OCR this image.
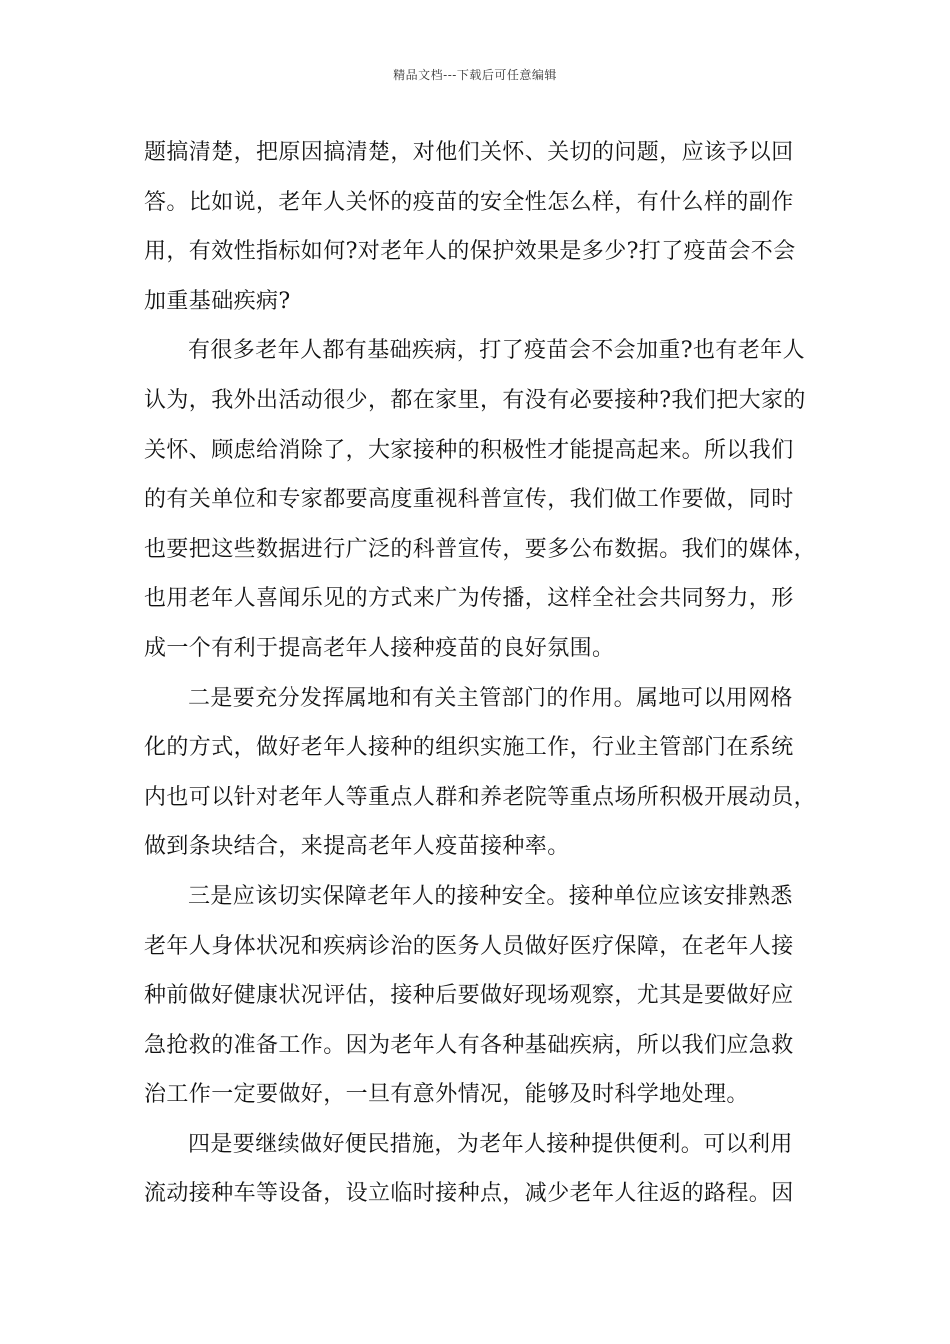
精品文档---下载后可任意编辑
题搞清楚，把原因搞清楚，对他们关怀、关切的问题，应该予以回
答。比如说，老年人关怀的疫苗的安全性怎么样，有什么样的副作
用，有效性指标如何?对老年人的保护效果是多少?打了疫苗会不会
加重基础疾病?
有很多老年人都有基础疾病，打了疫苗会不会加重?也有老年人
认为，我外出活动很少，都在家里，有没有必要接种?我们把大家的
关怀、顾虑给消除了，大家接种的积极性才能提高起来。所以我们
的有关单位和专家都要高度重视科普宣传，我们做工作要做，同时
也要把这些数据进行广泛的科普宣传，要多公布数据。我们的媒体，
也用老年人喜闻乐见的方式来广为传播，这样全社会共同努力，形
成一个有利于提高老年人接种疫苗的良好氛围。
二是要充分发挥属地和有关主管部门的作用。属地可以用网格
化的方式，做好老年人接种的组织实施工作，行业主管部门在系统
内也可以针对老年人等重点人群和养老院等重点场所积极开展动员，
做到条块结合，来提高老年人疫苗接种率。
三是应该切实保障老年人的接种安全。接种单位应该安排熟悉
老年人身体状况和疾病诊治的医务人员做好医疗保障，在老年人接
种前做好健康状况评估，接种后要做好现场观察，尤其是要做好应
急抢救的准备工作。因为老年人有各种基础疾病，所以我们应急救
治工作一定要做好，一旦有意外情况，能够及时科学地处理。
四是要继续做好便民措施，为老年人接种提供便利。可以利用
流动接种车等设备，设立临时接种点，减少老年人往返的路程。因
